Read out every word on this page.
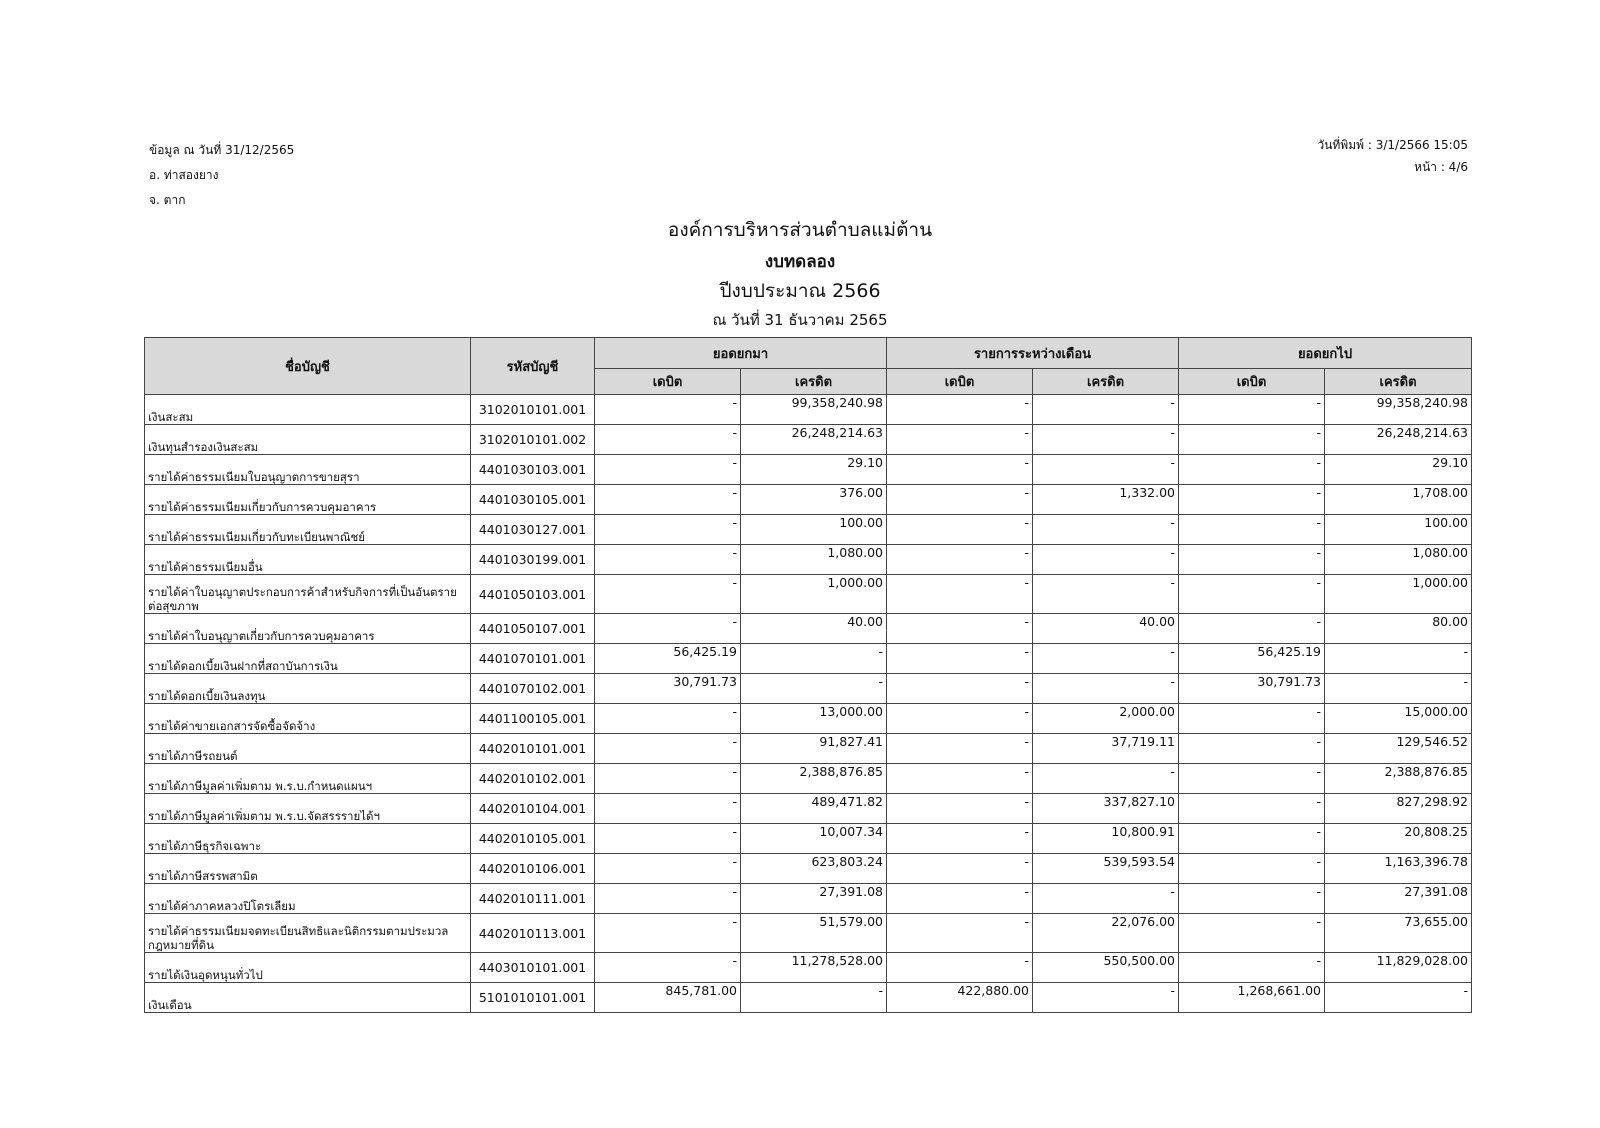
ข้อมูล ณ วันที่ 31/12/2565
อ. ท่าสองยาง
จ. ตาก
วันที่พิมพ์ : 3/1/2566 15:05
หน้า : 4/6
องค์การบริหารส่วนตำบลแม่ต้าน
งบทดลอง
ปีงบประมาณ 2566
ณ วันที่ 31 ธันวาคม 2565
ชื่อบัญชี	รหัสบัญชี	ยอดยกมา		รายการระหว่างเดือน		ยอดยกไป	
		เดบิต	เครดิต	เดบิต	เครดิต	เดบิต	เครดิต
เงินสะสม	3102010101.001	-	99,358,240.98	-	-	-	99,358,240.98
เงินทุนสำรองเงินสะสม	3102010101.002	-	26,248,214.63	-	-	-	26,248,214.63
รายได้ค่าธรรมเนียมใบอนุญาตการขายสุรา	4401030103.001	-	29.10	-	-	-	29.10
รายได้ค่าธรรมเนียมเกี่ยวกับการควบคุมอาคาร	4401030105.001	-	376.00	-	1,332.00	-	1,708.00
รายได้ค่าธรรมเนียมเกี่ยวกับทะเบียนพาณิชย์	4401030127.001	-	100.00	-	-	-	100.00
รายได้ค่าธรรมเนียมอื่น	4401030199.001	-	1,080.00	-	-	-	1,080.00
รายได้ค่าใบอนุญาตประกอบการค้าสำหรับกิจการที่เป็นอันตรายต่อสุขภาพ	4401050103.001	-	1,000.00	-	-	-	1,000.00
รายได้ค่าใบอนุญาตเกี่ยวกับการควบคุมอาคาร	4401050107.001	-	40.00	-	40.00	-	80.00
รายได้ดอกเบี้ยเงินฝากที่สถาบันการเงิน	4401070101.001	56,425.19	-	-	-	56,425.19	-
รายได้ดอกเบี้ยเงินลงทุน	4401070102.001	30,791.73	-	-	-	30,791.73	-
รายได้ค่าขายเอกสารจัดซื้อจัดจ้าง	4401100105.001	-	13,000.00	-	2,000.00	-	15,000.00
รายได้ภาษีรถยนต์	4402010101.001	-	91,827.41	-	37,719.11	-	129,546.52
รายได้ภาษีมูลค่าเพิ่มตาม พ.ร.บ.กำหนดแผนฯ	4402010102.001	-	2,388,876.85	-	-	-	2,388,876.85
รายได้ภาษีมูลค่าเพิ่มตาม พ.ร.บ.จัดสรรรายได้ฯ	4402010104.001	-	489,471.82	-	337,827.10	-	827,298.92
รายได้ภาษีธุรกิจเฉพาะ	4402010105.001	-	10,007.34	-	10,800.91	-	20,808.25
รายได้ภาษีสรรพสามิต	4402010106.001	-	623,803.24	-	539,593.54	-	1,163,396.78
รายได้ค่าภาคหลวงปิโตรเลียม	4402010111.001	-	27,391.08	-	-	-	27,391.08
รายได้ค่าธรรมเนียมจดทะเบียนสิทธิและนิติกรรมตามประมวลกฎหมายที่ดิน	4402010113.001	-	51,579.00	-	22,076.00	-	73,655.00
รายได้เงินอุดหนุนทั่วไป	4403010101.001	-	11,278,528.00	-	550,500.00	-	11,829,028.00
เงินเดือน	5101010101.001	845,781.00	-	422,880.00	-	1,268,661.00	-
